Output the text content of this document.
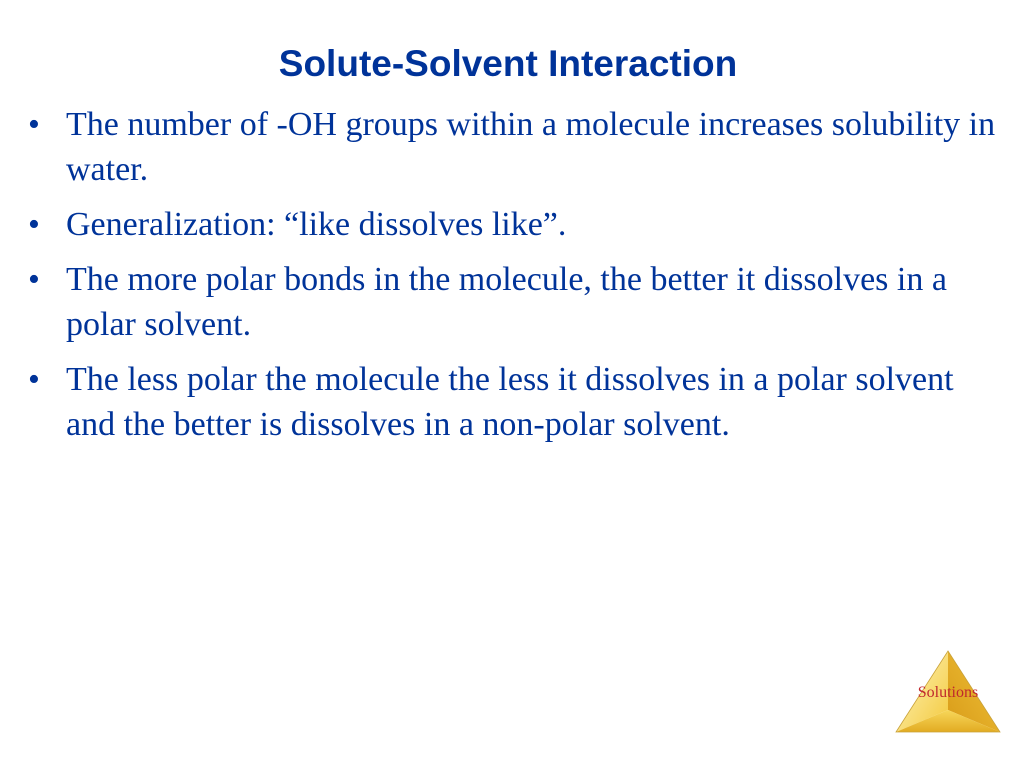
Solute-Solvent Interaction
• The number of -OH groups within a molecule increases solubility in water.
• Generalization: “like dissolves like”.
• The more polar bonds in the molecule, the better it dissolves in a polar solvent.
• The less polar the molecule the less it dissolves in a polar solvent and the better is dissolves in a non-polar solvent.
Solutions
